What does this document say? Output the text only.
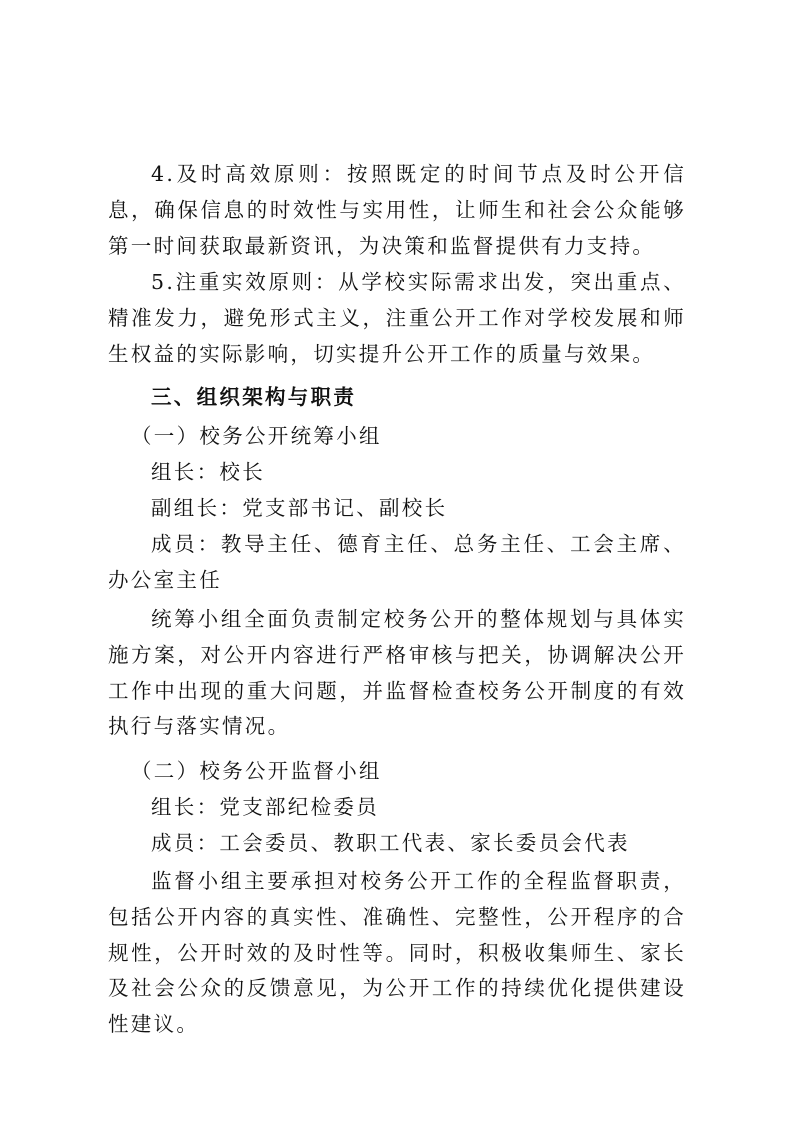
4.及时高效原则：按照既定的时间节点及时公开信息，确保信息的时效性与实用性，让师生和社会公众能够第一时间获取最新资讯，为决策和监督提供有力支持。

5.注重实效原则：从学校实际需求出发，突出重点、精准发力，避免形式主义，注重公开工作对学校发展和师生权益的实际影响，切实提升公开工作的质量与效果。

三、组织架构与职责

（一）校务公开统筹小组

组长：校长

副组长：党支部书记、副校长

成员：教导主任、德育主任、总务主任、工会主席、办公室主任

统筹小组全面负责制定校务公开的整体规划与具体实施方案，对公开内容进行严格审核与把关，协调解决公开工作中出现的重大问题，并监督检查校务公开制度的有效执行与落实情况。

（二）校务公开监督小组

组长：党支部纪检委员

成员：工会委员、教职工代表、家长委员会代表

监督小组主要承担对校务公开工作的全程监督职责，包括公开内容的真实性、准确性、完整性，公开程序的合规性，公开时效的及时性等。同时，积极收集师生、家长及社会公众的反馈意见，为公开工作的持续优化提供建设性建议。
